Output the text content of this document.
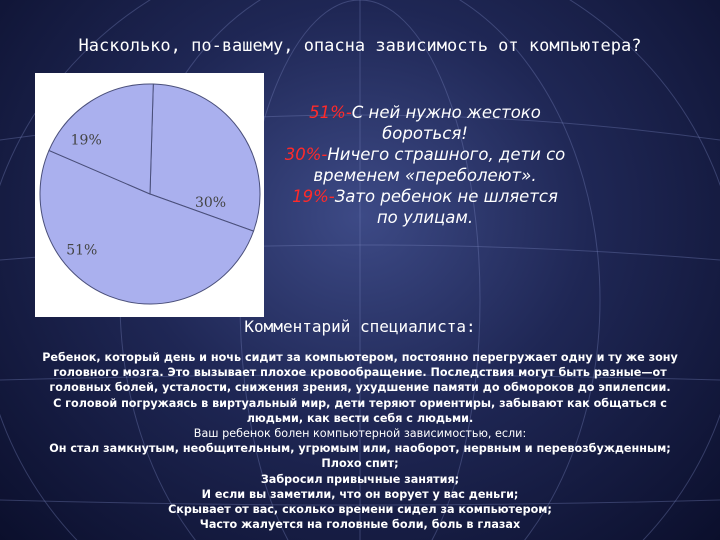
Насколько, по-вашему, опасна зависимость от компьютера?
51%
30%
19%
51%-С ней нужно жестоко бороться!
30%-Ничего страшного, дети со временем «переболеют».
19%-Зато ребенок не шляется по улицам.
Комментарий специалиста:
Ребенок, который день и ночь сидит за компьютером, постоянно перегружает одну и ту же зону
головного мозга. Это вызывает плохое кровообращение. Последствия могут быть разные—от
головных болей, усталости, снижения зрения, ухудшение памяти до обмороков до эпилепсии.
С головой погружаясь в виртуальный мир, дети теряют ориентиры, забывают как общаться с
людьми, как вести себя с людьми.
Ваш ребенок болен компьютерной зависимостью, если:
Он стал замкнутым, необщительным, угрюмым или, наоборот, нервным и перевозбужденным;
Плохо спит;
Забросил привычные занятия;
И если вы заметили, что он ворует у вас деньги;
Скрывает от вас, сколько времени сидел за компьютером;
Часто жалуется на головные боли, боль в глазах
